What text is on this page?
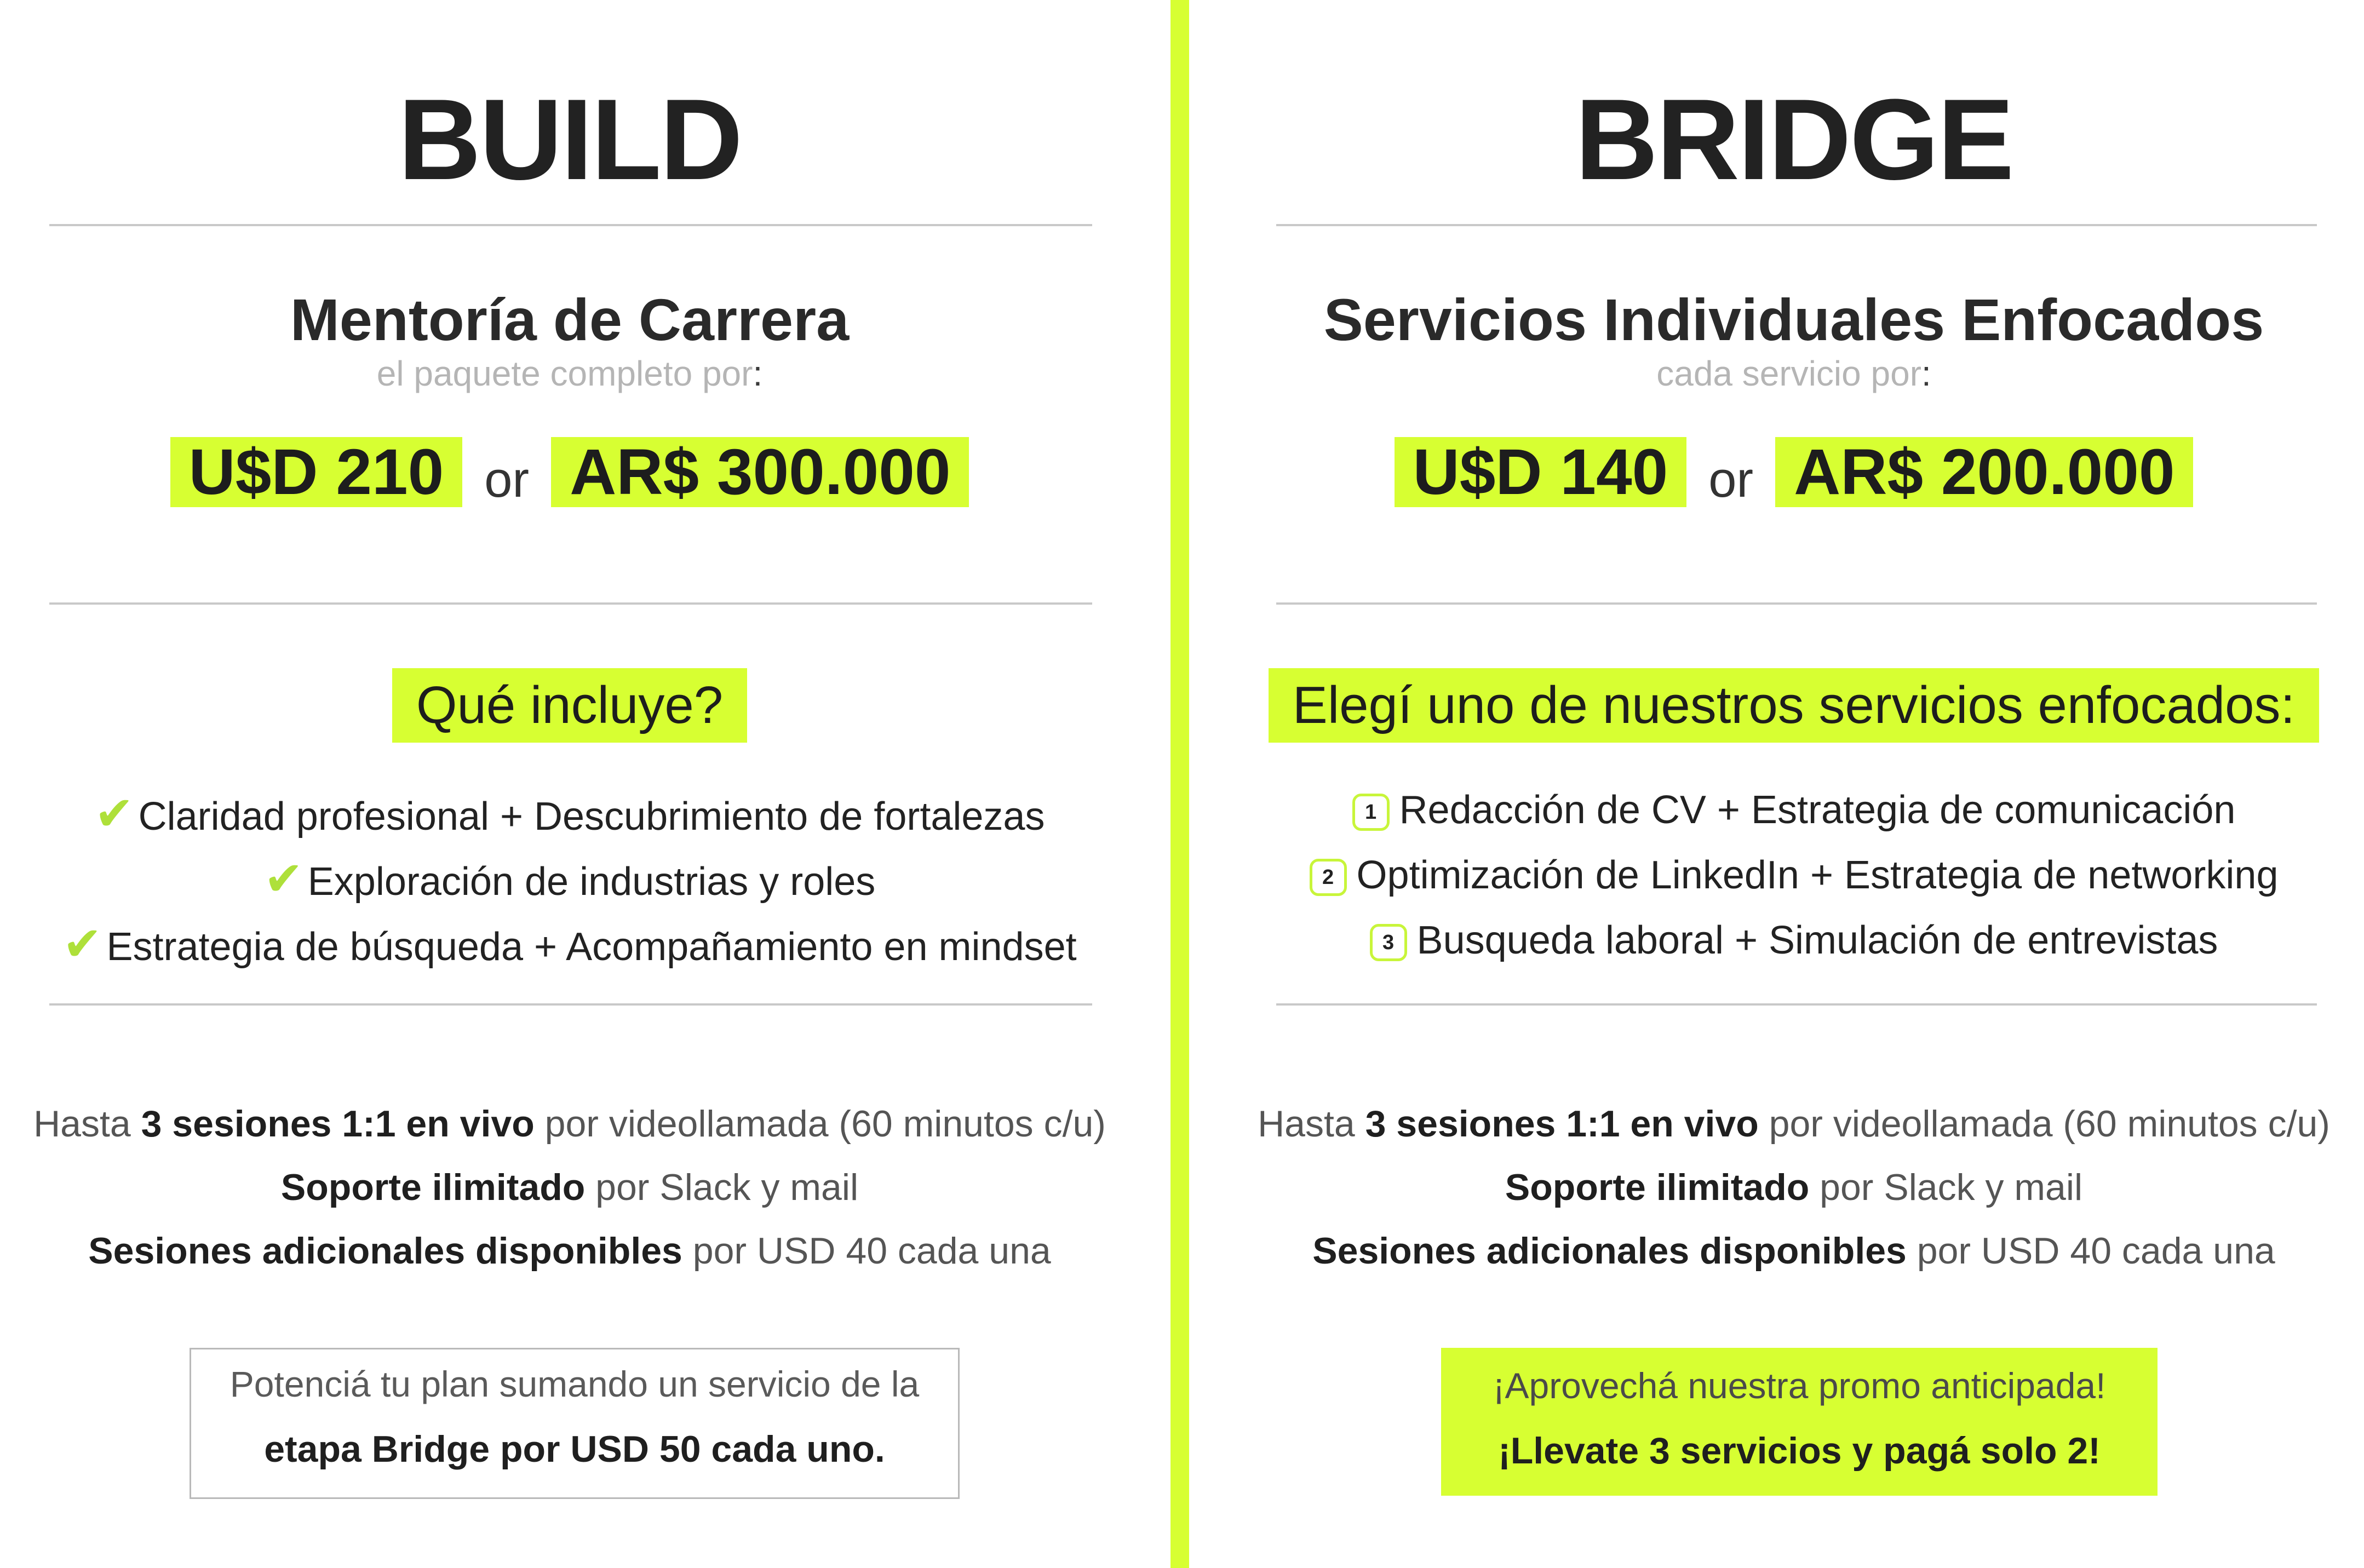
BUILD
Mentoría de Carrera
el paquete completo por:
U$D 210 or AR$ 300.000
Qué incluye?
✔ Claridad profesional + Descubrimiento de fortalezas
✔ Exploración de industrias y roles
✔ Estrategia de búsqueda + Acompañamiento en mindset
Hasta 3 sesiones 1:1 en vivo por videollamada (60 minutos c/u)
Soporte ilimitado por Slack y mail
Sesiones adicionales disponibles por USD 40 cada una
Potenciá tu plan sumando un servicio de la
etapa Bridge por USD 50 cada uno.
BRIDGE
Servicios Individuales Enfocados
cada servicio por:
U$D 140 or AR$ 200.000
Elegí uno de nuestros servicios enfocados:
1 Redacción de CV + Estrategia de comunicación
2 Optimización de LinkedIn + Estrategia de networking
3 Busqueda laboral + Simulación de entrevistas
Hasta 3 sesiones 1:1 en vivo por videollamada (60 minutos c/u)
Soporte ilimitado por Slack y mail
Sesiones adicionales disponibles por USD 40 cada una
¡Aprovechá nuestra promo anticipada!
¡Llevate 3 servicios y pagá solo 2!
